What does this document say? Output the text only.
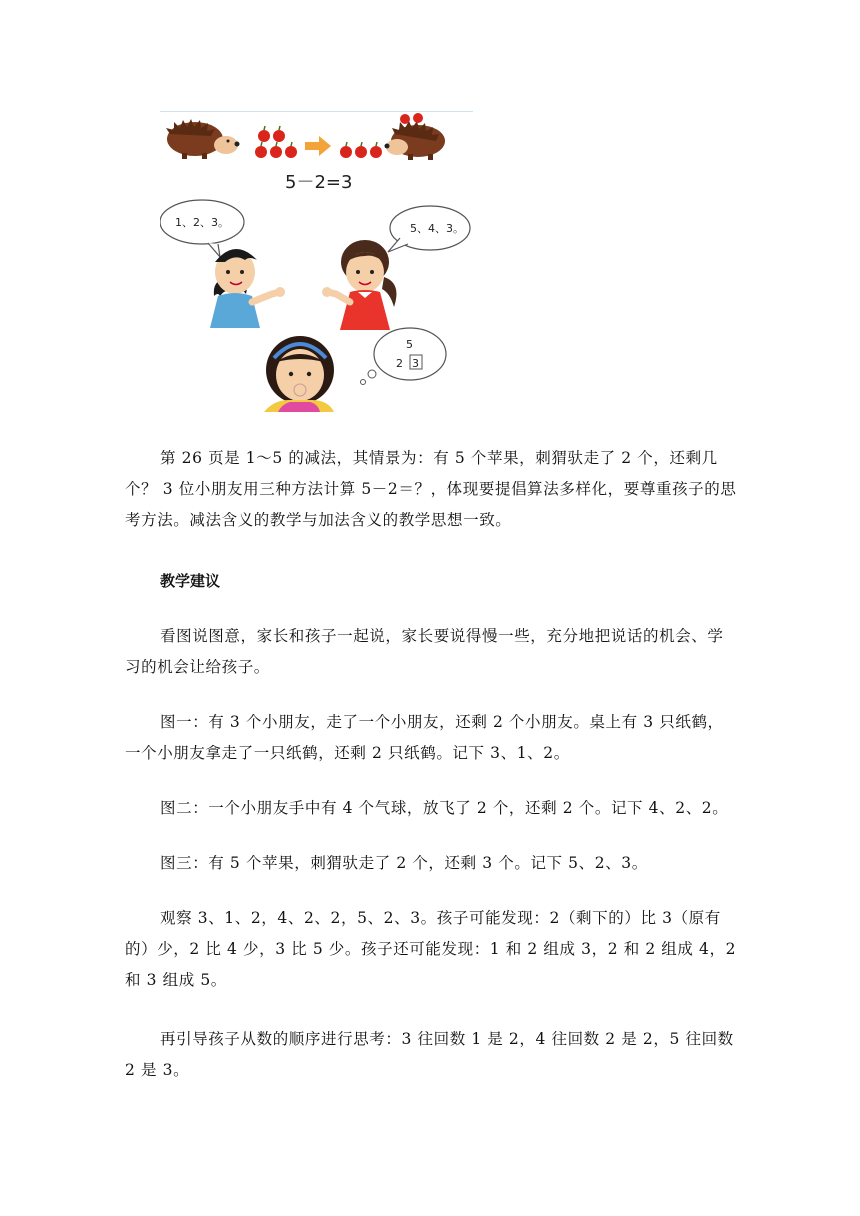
5－2=3
1、2、3。	5、4、3。
5
2 3

第 26 页是 1～5 的减法，其情景为：有 5 个苹果，刺猬驮走了 2 个，还剩几个？ 3 位小朋友用三种方法计算 5－2＝？，体现要提倡算法多样化，要尊重孩子的思考方法。减法含义的教学与加法含义的教学思想一致。

教学建议

看图说图意，家长和孩子一起说，家长要说得慢一些，充分地把说话的机会、学习的机会让给孩子。

图一：有 3 个小朋友，走了一个小朋友，还剩 2 个小朋友。桌上有 3 只纸鹤，一个小朋友拿走了一只纸鹤，还剩 2 只纸鹤。记下 3、1、2。

图二：一个小朋友手中有 4 个气球，放飞了 2 个，还剩 2 个。记下 4、2、2。

图三：有 5 个苹果，刺猬驮走了 2 个，还剩 3 个。记下 5、2、3。

观察 3、1、2，4、2、2，5、2、3。孩子可能发现：2（剩下的）比 3（原有的）少，2 比 4 少，3 比 5 少。孩子还可能发现：1 和 2 组成 3，2 和 2 组成 4，2 和 3 组成 5。

再引导孩子从数的顺序进行思考：3 往回数 1 是 2，4 往回数 2 是 2，5 往回数 2 是 3。
